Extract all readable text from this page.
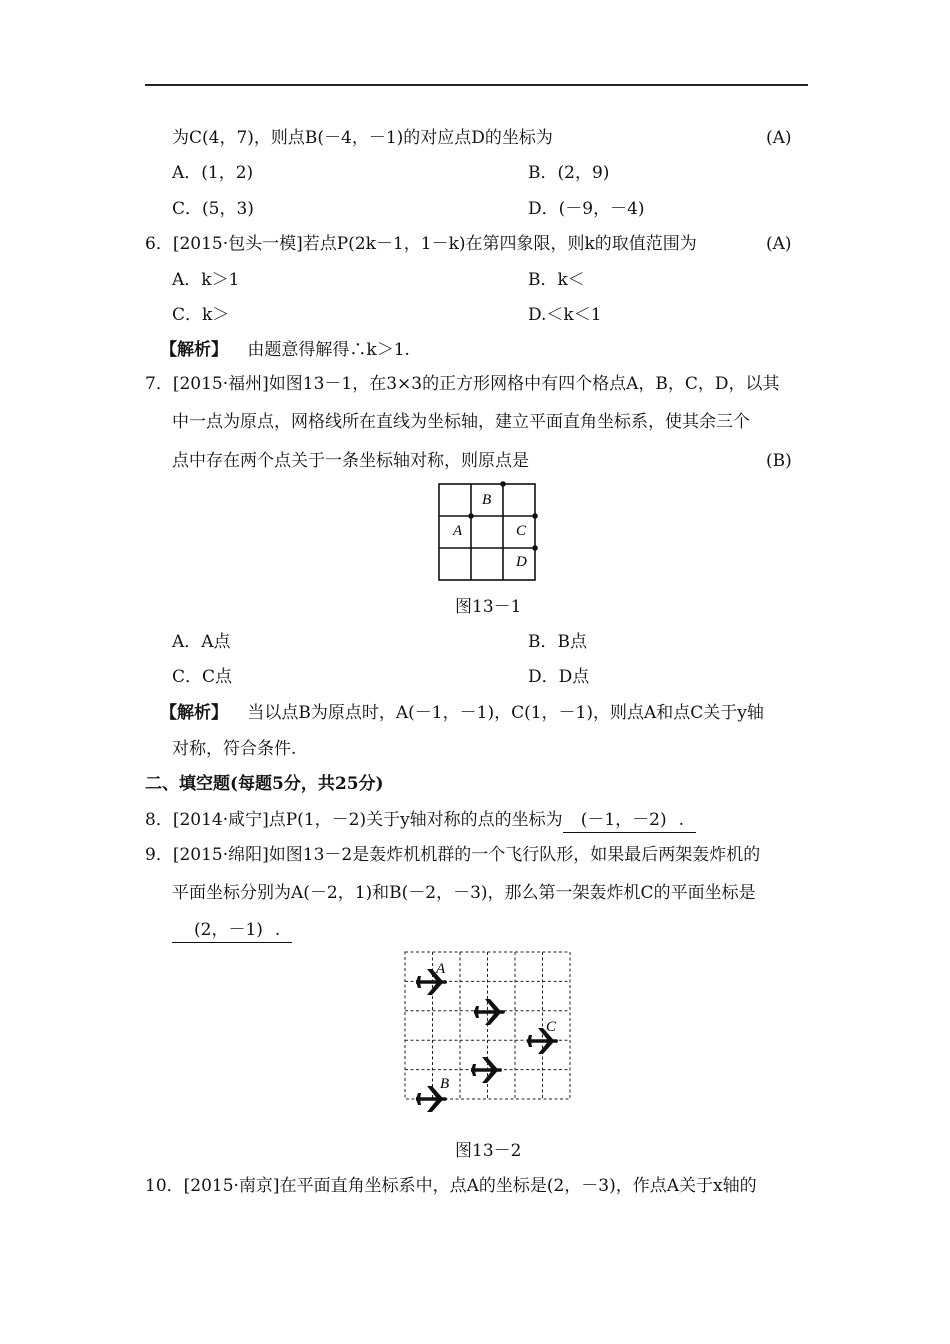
为C(4，7)，则点B(－4，－1)的对应点D的坐标为	(A)
A．(1，2)	B．(2，9)
C．(5，3)	D．(－9，－4)
6．[2015·包头一模]若点P(2k－1，1－k)在第四象限，则k的取值范围为	(A)
A．k＞1	B．k＜
C．k＞	D.＜k＜1
【解析】 由题意得解得∴k＞1.
7．[2015·福州]如图13－1，在3×3的正方形网格中有四个格点A，B，C，D，以其
中一点为原点，网格线所在直线为坐标轴，建立平面直角坐标系，使其余三个
点中存在两个点关于一条坐标轴对称，则原点是	(B)
B
A	C
D
图13－1
A．A点	B．B点
C．C点	D．D点
【解析】 当以点B为原点时，A(－1，－1)，C(1，－1)，则点A和点C关于y轴
对称，符合条件.
二、填空题(每题5分，共25分)
8．[2014·咸宁]点P(1，－2)关于y轴对称的点的坐标为 (－1，－2) .
9．[2015·绵阳]如图13－2是轰炸机机群的一个飞行队形，如果最后两架轰炸机的
平面坐标分别为A(－2，1)和B(－2，－3)，那么第一架轰炸机C的平面坐标是
(2，－1) .
A
B
C
图13－2
10．[2015·南京]在平面直角坐标系中，点A的坐标是(2，－3)，作点A关于x轴的
